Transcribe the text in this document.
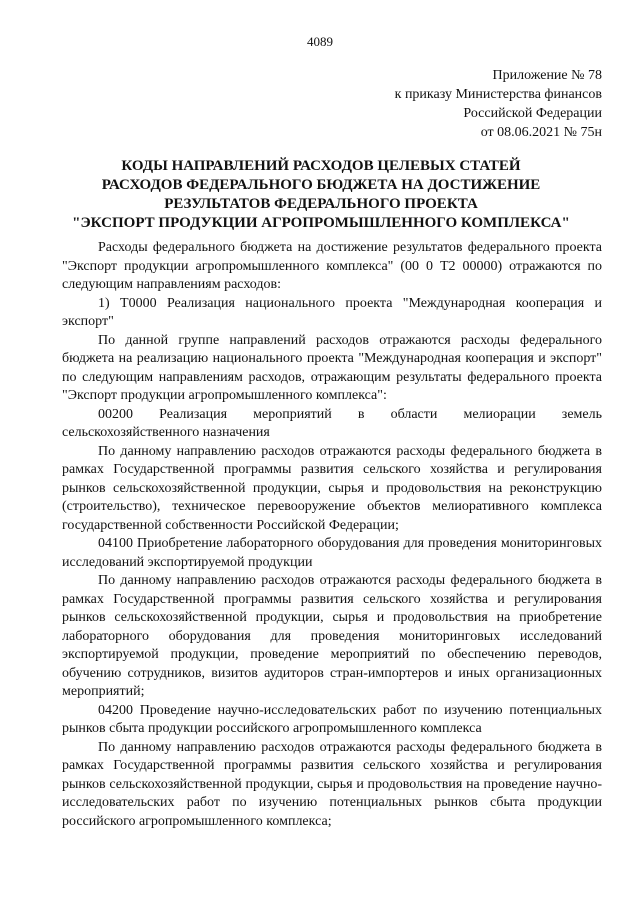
4089
Приложение № 78
к приказу Министерства финансов
Российской Федерации
от 08.06.2021 № 75н
КОДЫ НАПРАВЛЕНИЙ РАСХОДОВ ЦЕЛЕВЫХ СТАТЕЙ
РАСХОДОВ ФЕДЕРАЛЬНОГО БЮДЖЕТА НА ДОСТИЖЕНИЕ
РЕЗУЛЬТАТОВ ФЕДЕРАЛЬНОГО ПРОЕКТА
"ЭКСПОРТ ПРОДУКЦИИ АГРОПРОМЫШЛЕННОГО КОМПЛЕКСА"

Расходы федерального бюджета на достижение результатов федерального проекта "Экспорт продукции агропромышленного комплекса" (00 0 Т2 00000) отражаются по следующим направлениям расходов:

1) Т0000 Реализация национального проекта "Международная кооперация и экспорт"

По данной группе направлений расходов отражаются расходы федерального бюджета на реализацию национального проекта "Международная кооперация и экспорт" по следующим направлениям расходов, отражающим результаты федерального проекта "Экспорт продукции агропромышленного комплекса":

00200 Реализация мероприятий в области мелиорации земель сельскохозяйственного назначения

По данному направлению расходов отражаются расходы федерального бюджета в рамках Государственной программы развития сельского хозяйства и регулирования рынков сельскохозяйственной продукции, сырья и продовольствия на реконструкцию (строительство), техническое перевооружение объектов мелиоративного комплекса государственной собственности Российской Федерации;

04100 Приобретение лабораторного оборудования для проведения мониторинговых исследований экспортируемой продукции

По данному направлению расходов отражаются расходы федерального бюджета в рамках Государственной программы развития сельского хозяйства и регулирования рынков сельскохозяйственной продукции, сырья и продовольствия на приобретение лабораторного оборудования для проведения мониторинговых исследований экспортируемой продукции, проведение мероприятий по обеспечению переводов, обучению сотрудников, визитов аудиторов стран-импортеров и иных организационных мероприятий;

04200 Проведение научно-исследовательских работ по изучению потенциальных рынков сбыта продукции российского агропромышленного комплекса

По данному направлению расходов отражаются расходы федерального бюджета в рамках Государственной программы развития сельского хозяйства и регулирования рынков сельскохозяйственной продукции, сырья и продовольствия на проведение научно-исследовательских работ по изучению потенциальных рынков сбыта продукции российского агропромышленного комплекса;
